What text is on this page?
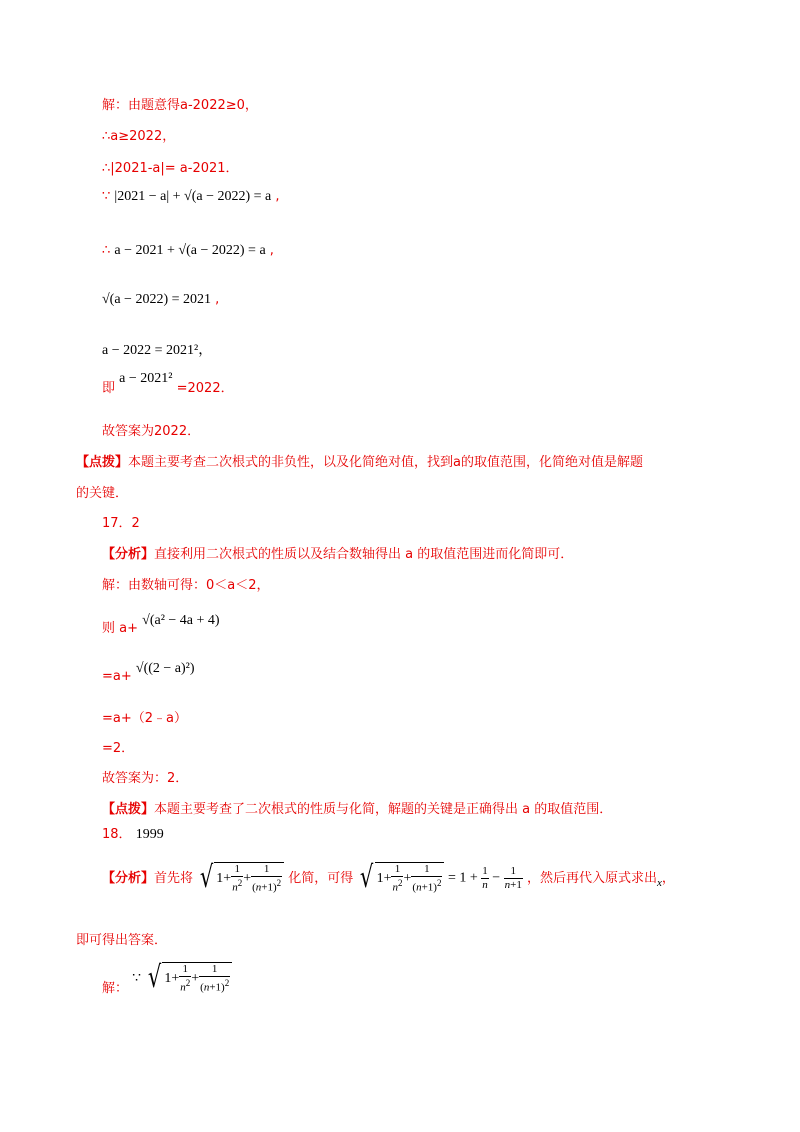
解：由题意得a-2022≥0，
∴a≥2022，
∴|2021-a|= a-2021．
∵ |2021 − a| + √(a − 2022) = a ,
∴ a − 2021 + √(a − 2022) = a ,
√(a − 2022) = 2021 ,
a − 2022 = 2021²，
即 a − 2021² =2022．
故答案为2022．
【点拨】本题主要考查二次根式的非负性，以及化简绝对值，找到a的取值范围，化简绝对值是解题
的关键．
17．2
【分析】直接利用二次根式的性质以及结合数轴得出 a 的取值范围进而化简即可．
解：由数轴可得：0＜a＜2，
则 a+ √(a² − 4a + 4)
=a+ √((2 − a)²)
=a+（2﹣a）
=2．
故答案为：2．
【点拨】本题主要考查了二次根式的性质与化简，解题的关键是正确得出 a 的取值范围．
18． 1999
【分析】首先将 √ $1+ \frac{1}{n^2} + \frac{1}{(n+1)^2}$ 化简，可得 √ $1+ \frac{1}{n^2} + \frac{1}{(n+1)^2} = 1 + \frac{1}{n} - \frac{1}{n+1}$ ，然后再代入原式求出$_x$，
即可得出答案．
解： ∵ √ $1+ \frac{1}{n^2} + \frac{1}{(n+1)^2}$
